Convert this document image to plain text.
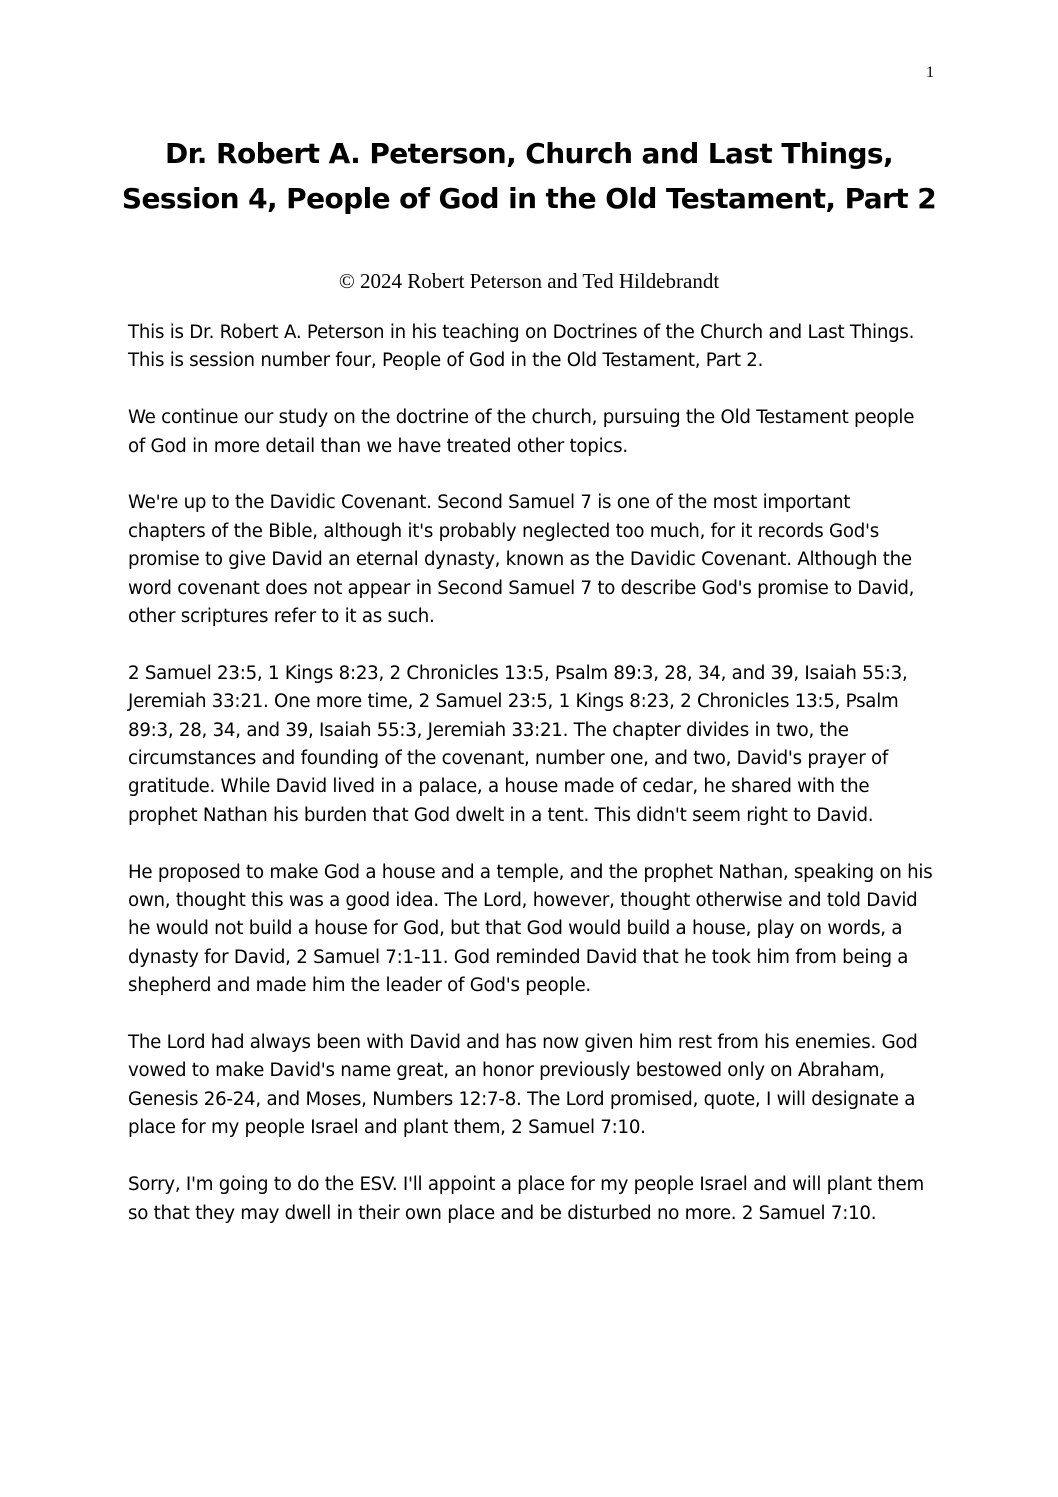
1
Dr. Robert A. Peterson, Church and Last Things, Session 4, People of God in the Old Testament, Part 2
© 2024 Robert Peterson and Ted Hildebrandt

This is Dr. Robert A. Peterson in his teaching on Doctrines of the Church and Last Things. This is session number four, People of God in the Old Testament, Part 2.

We continue our study on the doctrine of the church, pursuing the Old Testament people of God in more detail than we have treated other topics.

We're up to the Davidic Covenant. Second Samuel 7 is one of the most important chapters of the Bible, although it's probably neglected too much, for it records God's promise to give David an eternal dynasty, known as the Davidic Covenant. Although the word covenant does not appear in Second Samuel 7 to describe God's promise to David, other scriptures refer to it as such.

2 Samuel 23:5, 1 Kings 8:23, 2 Chronicles 13:5, Psalm 89:3, 28, 34, and 39, Isaiah 55:3, Jeremiah 33:21. One more time, 2 Samuel 23:5, 1 Kings 8:23, 2 Chronicles 13:5, Psalm 89:3, 28, 34, and 39, Isaiah 55:3, Jeremiah 33:21. The chapter divides in two, the circumstances and founding of the covenant, number one, and two, David's prayer of gratitude. While David lived in a palace, a house made of cedar, he shared with the prophet Nathan his burden that God dwelt in a tent. This didn't seem right to David.

He proposed to make God a house and a temple, and the prophet Nathan, speaking on his own, thought this was a good idea. The Lord, however, thought otherwise and told David he would not build a house for God, but that God would build a house, play on words, a dynasty for David, 2 Samuel 7:1-11. God reminded David that he took him from being a shepherd and made him the leader of God's people.

The Lord had always been with David and has now given him rest from his enemies. God vowed to make David's name great, an honor previously bestowed only on Abraham, Genesis 26-24, and Moses, Numbers 12:7-8. The Lord promised, quote, I will designate a place for my people Israel and plant them, 2 Samuel 7:10.

Sorry, I'm going to do the ESV. I'll appoint a place for my people Israel and will plant them so that they may dwell in their own place and be disturbed no more. 2 Samuel 7:10.
